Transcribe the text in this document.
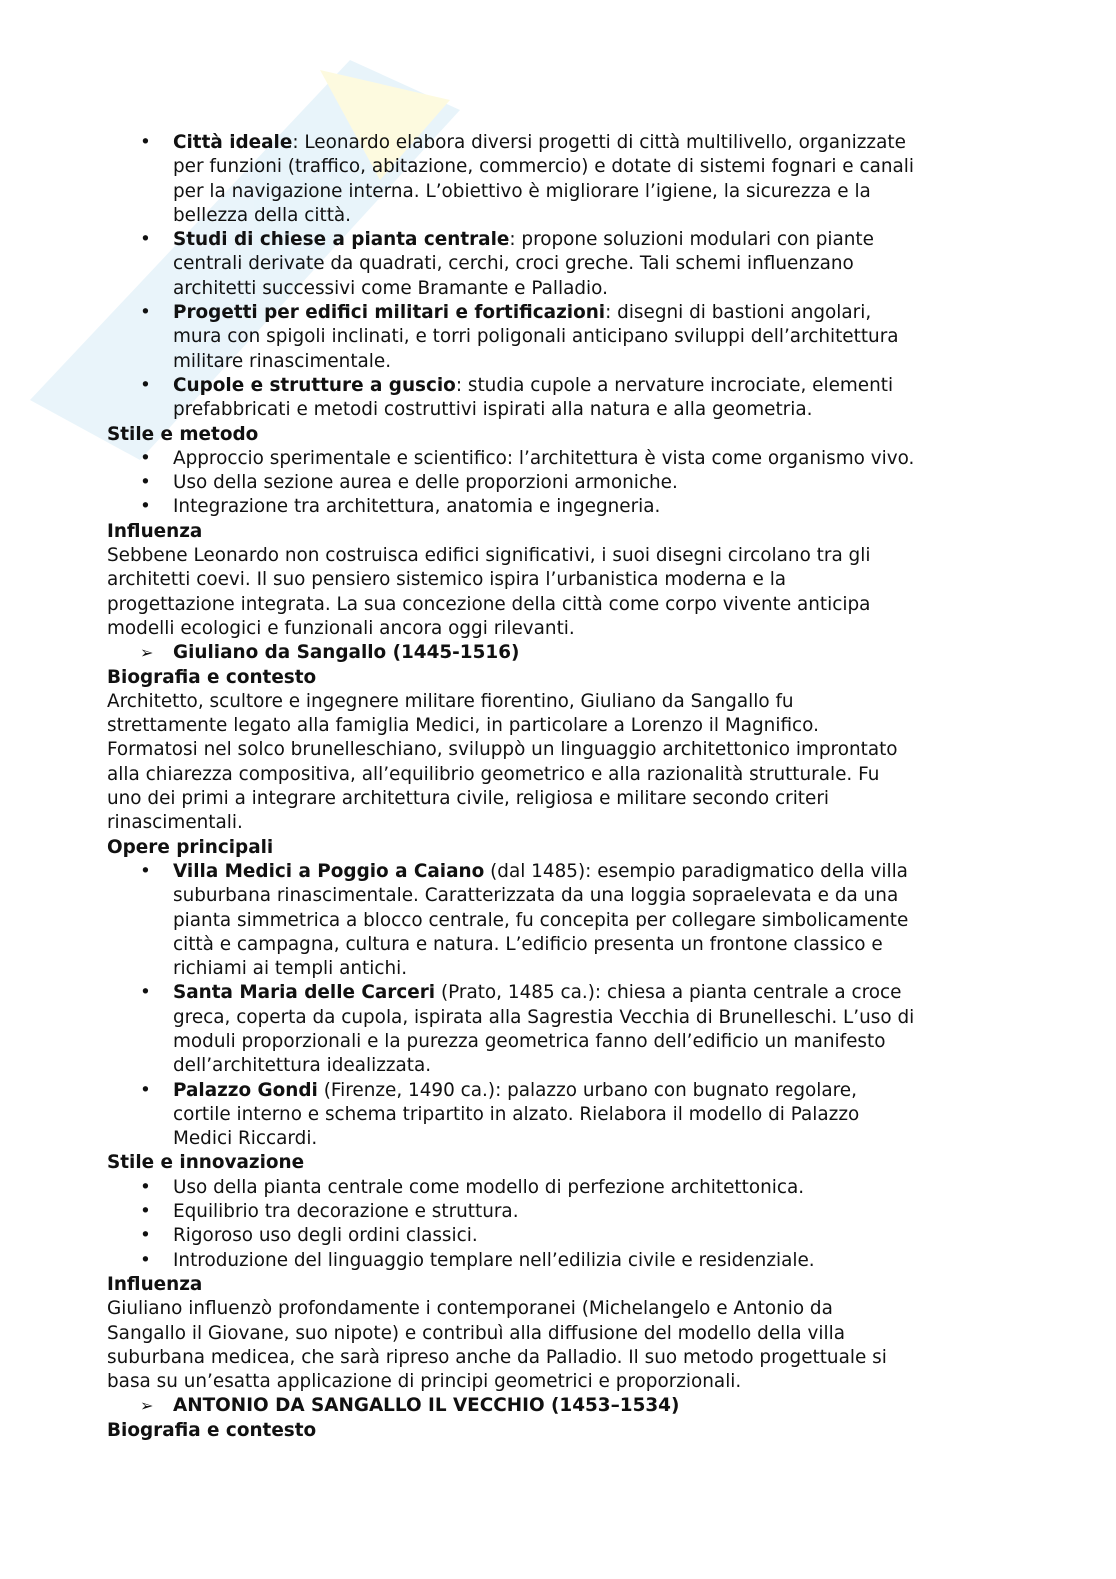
• Città ideale: Leonardo elabora diversi progetti di città multilivello, organizzate
per funzioni (traffico, abitazione, commercio) e dotate di sistemi fognari e canali
per la navigazione interna. L’obiettivo è migliorare l’igiene, la sicurezza e la
bellezza della città.
• Studi di chiese a pianta centrale: propone soluzioni modulari con piante
centrali derivate da quadrati, cerchi, croci greche. Tali schemi influenzano
architetti successivi come Bramante e Palladio.
• Progetti per edifici militari e fortificazioni: disegni di bastioni angolari,
mura con spigoli inclinati, e torri poligonali anticipano sviluppi dell’architettura
militare rinascimentale.
• Cupole e strutture a guscio: studia cupole a nervature incrociate, elementi
prefabbricati e metodi costruttivi ispirati alla natura e alla geometria.
Stile e metodo
• Approccio sperimentale e scientifico: l’architettura è vista come organismo vivo.
• Uso della sezione aurea e delle proporzioni armoniche.
• Integrazione tra architettura, anatomia e ingegneria.
Influenza
Sebbene Leonardo non costruisca edifici significativi, i suoi disegni circolano tra gli
architetti coevi. Il suo pensiero sistemico ispira l’urbanistica moderna e la
progettazione integrata. La sua concezione della città come corpo vivente anticipa
modelli ecologici e funzionali ancora oggi rilevanti.
➢ Giuliano da Sangallo (1445-1516)
Biografia e contesto
Architetto, scultore e ingegnere militare fiorentino, Giuliano da Sangallo fu
strettamente legato alla famiglia Medici, in particolare a Lorenzo il Magnifico.
Formatosi nel solco brunelleschiano, sviluppò un linguaggio architettonico improntato
alla chiarezza compositiva, all’equilibrio geometrico e alla razionalità strutturale. Fu
uno dei primi a integrare architettura civile, religiosa e militare secondo criteri
rinascimentali.
Opere principali
• Villa Medici a Poggio a Caiano (dal 1485): esempio paradigmatico della villa
suburbana rinascimentale. Caratterizzata da una loggia sopraelevata e da una
pianta simmetrica a blocco centrale, fu concepita per collegare simbolicamente
città e campagna, cultura e natura. L’edificio presenta un frontone classico e
richiami ai templi antichi.
• Santa Maria delle Carceri (Prato, 1485 ca.): chiesa a pianta centrale a croce
greca, coperta da cupola, ispirata alla Sagrestia Vecchia di Brunelleschi. L’uso di
moduli proporzionali e la purezza geometrica fanno dell’edificio un manifesto
dell’architettura idealizzata.
• Palazzo Gondi (Firenze, 1490 ca.): palazzo urbano con bugnato regolare,
cortile interno e schema tripartito in alzato. Rielabora il modello di Palazzo
Medici Riccardi.
Stile e innovazione
• Uso della pianta centrale come modello di perfezione architettonica.
• Equilibrio tra decorazione e struttura.
• Rigoroso uso degli ordini classici.
• Introduzione del linguaggio templare nell’edilizia civile e residenziale.
Influenza
Giuliano influenzò profondamente i contemporanei (Michelangelo e Antonio da
Sangallo il Giovane, suo nipote) e contribuì alla diffusione del modello della villa
suburbana medicea, che sarà ripreso anche da Palladio. Il suo metodo progettuale si
basa su un’esatta applicazione di principi geometrici e proporzionali.
➢ ANTONIO DA SANGALLO IL VECCHIO (1453–1534)
Biografia e contesto
